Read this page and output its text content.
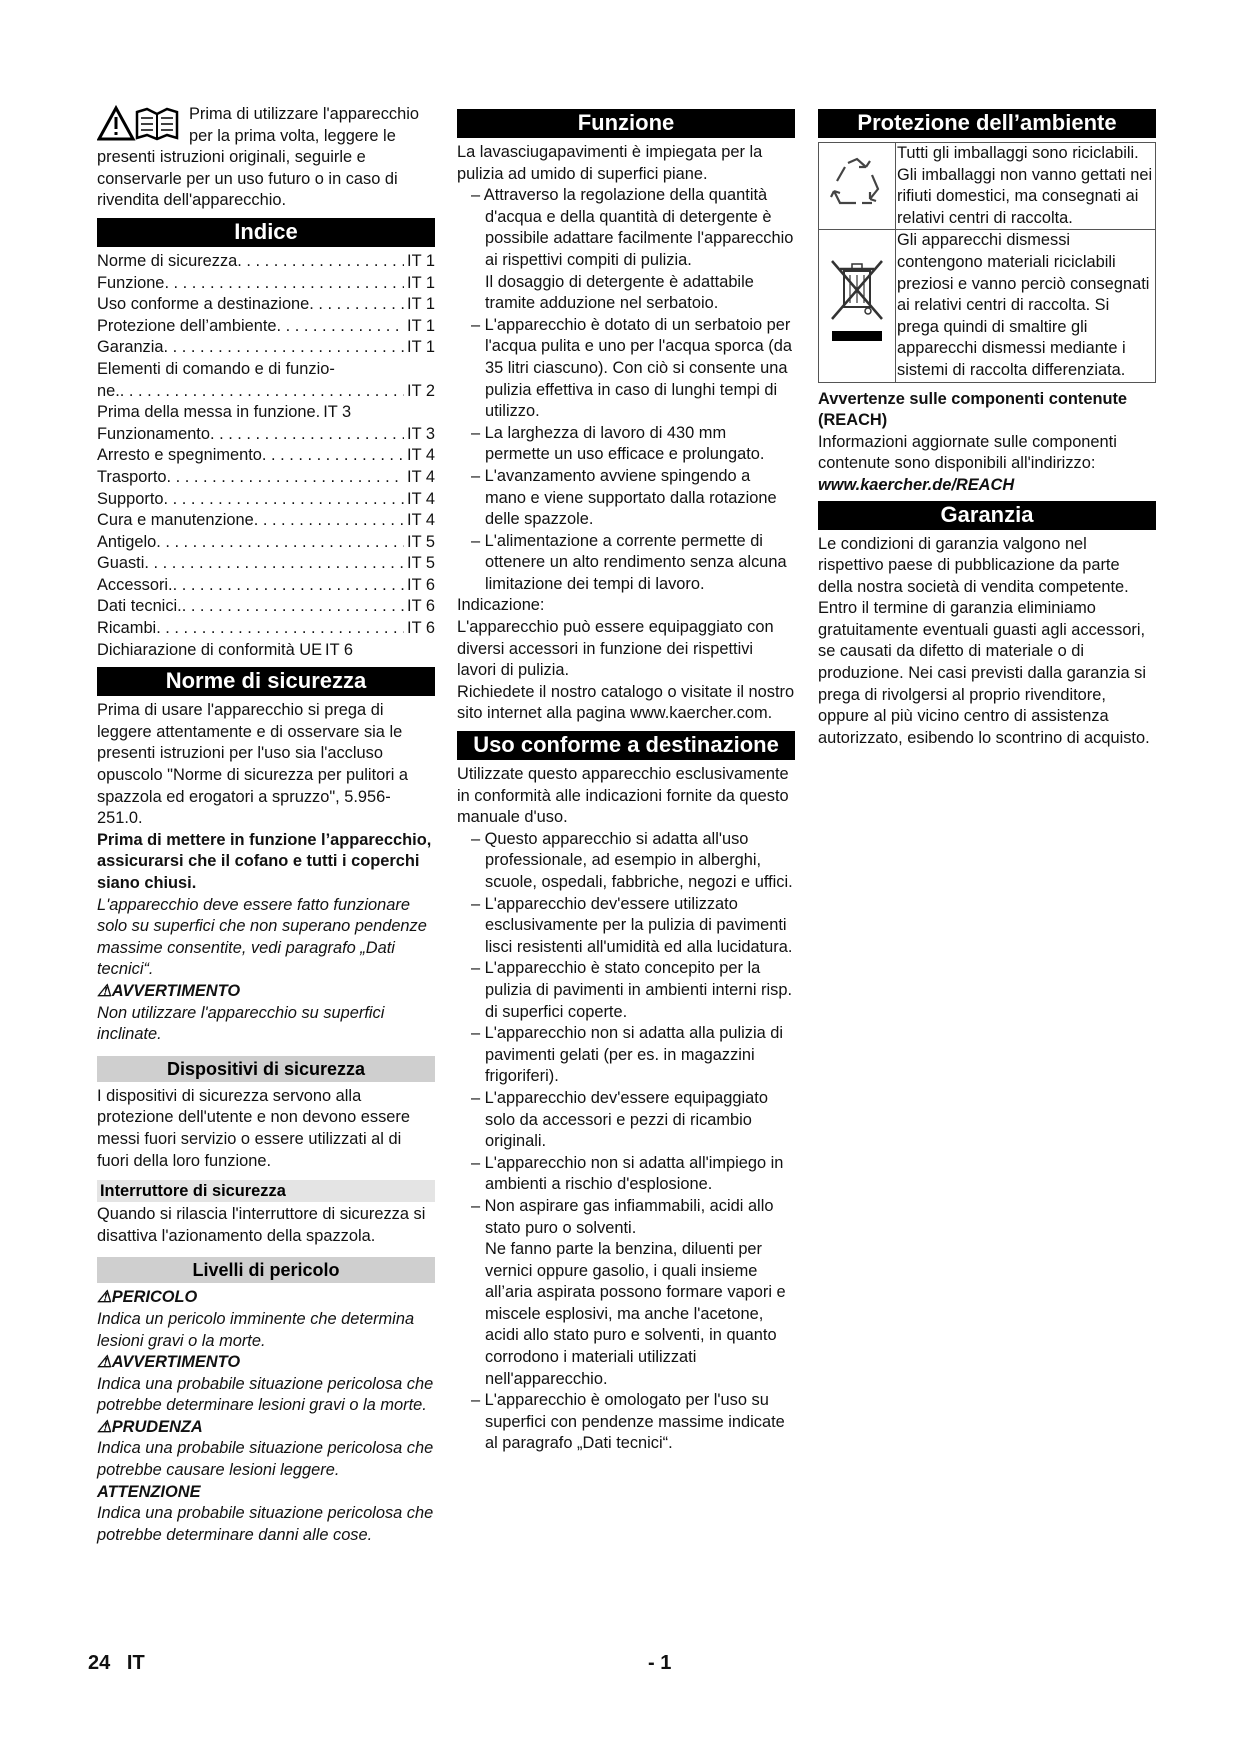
Prima di utilizzare l'apparecchio per la prima volta, leggere le presenti istruzioni originali, seguirle e conservarle per un uso futuro o in caso di rivendita dell'apparecchio.

Indice
Norme di sicurezza . . .	IT 1
Funzione . . .	IT 1
Uso conforme a destinazione . . .	IT 1
Protezione dell’ambiente . . .	IT 1
Garanzia . . .	IT 1
Elementi di comando e di funzio-
ne. . . .	IT 2
Prima della messa in funzione. IT 3
Funzionamento . . .	IT 3
Arresto e spegnimento . . .	IT 4
Trasporto . . .	IT 4
Supporto . . .	IT 4
Cura e manutenzione . . .	IT 4
Antigelo . . .	IT 5
Guasti . . .	IT 5
Accessori. . . .	IT 6
Dati tecnici. . . .	IT 6
Ricambi . . .	IT 6
Dichiarazione di conformità UE IT 6
Norme di sicurezza

Prima di usare l'apparecchio si prega di leggere attentamente e di osservare sia le presenti istruzioni per l'uso sia l'accluso opuscolo "Norme di sicurezza per pulitori a spazzola ed erogatori a spruzzo", 5.956-251.0.

Prima di mettere in funzione l’apparecchio, assicurarsi che il cofano e tutti i coperchi siano chiusi.

L'apparecchio deve essere fatto funzionare solo su superfici che non superano pendenze massime consentite, vedi paragrafo „Dati tecnici“.

⚠AVVERTIMENTO

Non utilizzare l'apparecchio su superfici inclinate.

Dispositivi di sicurezza

I dispositivi di sicurezza servono alla protezione dell'utente e non devono essere messi fuori servizio o essere utilizzati al di fuori della loro funzione.

Interruttore di sicurezza

Quando si rilascia l'interruttore di sicurezza si disattiva l'azionamento della spazzola.

Livelli di pericolo

⚠PERICOLO

Indica un pericolo imminente che determina lesioni gravi o la morte.

⚠AVVERTIMENTO

Indica una probabile situazione pericolosa che potrebbe determinare lesioni gravi o la morte.

⚠PRUDENZA

Indica una probabile situazione pericolosa che potrebbe causare lesioni leggere.

ATTENZIONE

Indica una probabile situazione pericolosa che potrebbe determinare danni alle cose.

Funzione

La lavasciugapavimenti è impiegata per la pulizia ad umido di superfici piane.

– Attraverso la regolazione della quantità d'acqua e della quantità di detergente è possibile adattare facilmente l'apparecchio ai rispettivi compiti di pulizia.

Il dosaggio di detergente è adattabile tramite adduzione nel serbatoio.

– L'apparecchio è dotato di un serbatoio per l'acqua pulita e uno per l'acqua sporca (da 35 litri ciascuno). Con ciò si consente una pulizia effettiva in caso di lunghi tempi di utilizzo.

– La larghezza di lavoro di 430 mm permette un uso efficace e prolungato.

– L'avanzamento avviene spingendo a mano e viene supportato dalla rotazione delle spazzole.

– L'alimentazione a corrente permette di ottenere un alto rendimento senza alcuna limitazione dei tempi di lavoro.

Indicazione:

L'apparecchio può essere equipaggiato con diversi accessori in funzione dei rispettivi lavori di pulizia.

Richiedete il nostro catalogo o visitate il nostro sito internet alla pagina www.kaercher.com.

Uso conforme a destinazione

Utilizzate questo apparecchio esclusivamente in conformità alle indicazioni fornite da questo manuale d'uso.

– Questo apparecchio si adatta all'uso professionale, ad esempio in alberghi, scuole, ospedali, fabbriche, negozi e uffici.

– L'apparecchio dev'essere utilizzato esclusivamente per la pulizia di pavimenti lisci resistenti all'umidità ed alla lucidatura.

– L'apparecchio è stato concepito per la pulizia di pavimenti in ambienti interni risp. di superfici coperte.

– L'apparecchio non si adatta alla pulizia di pavimenti gelati (per es. in magazzini frigoriferi).

– L'apparecchio dev'essere equipaggiato solo da accessori e pezzi di ricambio originali.

– L'apparecchio non si adatta all'impiego in ambienti a rischio d'esplosione.

– Non aspirare gas infiammabili, acidi allo stato puro o solventi.

Ne fanno parte la benzina, diluenti per vernici oppure gasolio, i quali insieme all’aria aspirata possono formare vapori e miscele esplosivi, ma anche l'acetone, acidi allo stato puro e solventi, in quanto corrodono i materiali utilizzati nell'apparecchio.

– L'apparecchio è omologato per l'uso su superfici con pendenze massime indicate al paragrafo „Dati tecnici“.

Protezione dell’ambiente
	Tutti gli imballaggi sono riciclabili. Gli imballaggi non vanno gettati nei rifiuti domestici, ma consegnati ai relativi centri di raccolta.
	Gli apparecchi dismessi contengono materiali riciclabili preziosi e vanno perciò consegnati ai relativi centri di raccolta. Si prega quindi di smaltire gli apparecchi dismessi mediante i sistemi di raccolta differenziata.

Avvertenze sulle componenti contenute (REACH)

Informazioni aggiornate sulle componenti contenute sono disponibili all'indirizzo:

www.kaercher.de/REACH

Garanzia

Le condizioni di garanzia valgono nel rispettivo paese di pubblicazione da parte della nostra società di vendita competente. Entro il termine di garanzia eliminiamo gratuitamente eventuali guasti agli accessori, se causati da difetto di materiale o di produzione. Nei casi previsti dalla garanzia si prega di rivolgersi al proprio rivenditore, oppure al più vicino centro di assistenza autorizzato, esibendo lo scontrino di acquisto.

24 IT	- 1
